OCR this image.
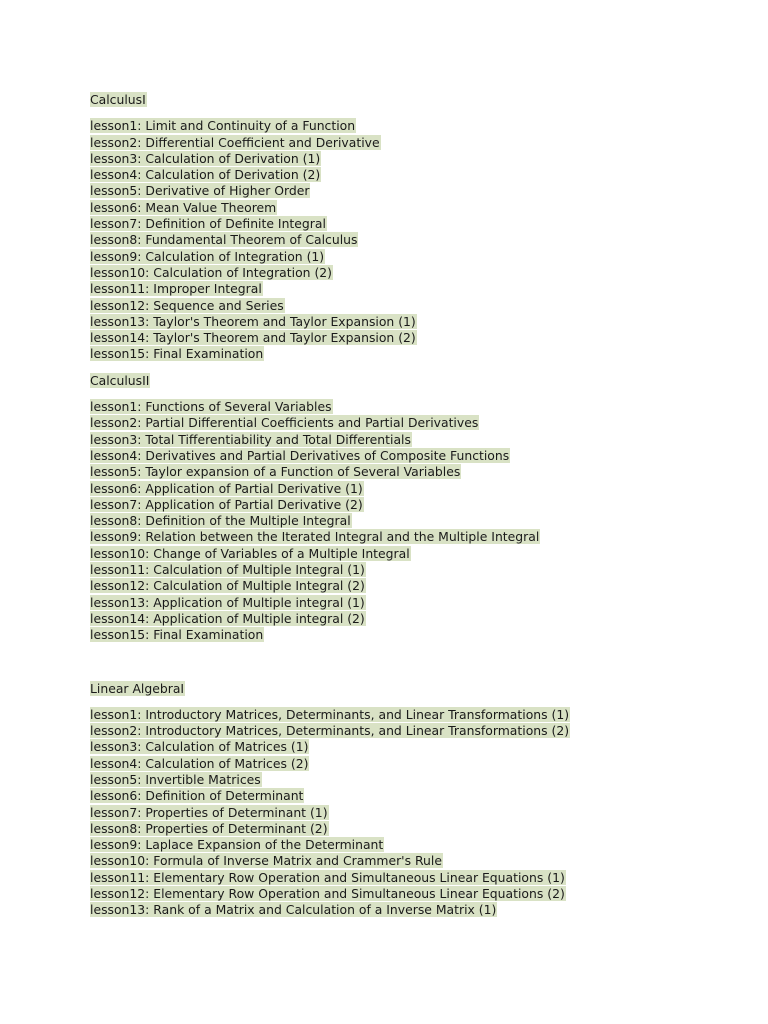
CalculusI
lesson1: Limit and Continuity of a Function
lesson2: Differential Coefficient and Derivative
lesson3: Calculation of Derivation (1)
lesson4: Calculation of Derivation (2)
lesson5: Derivative of Higher Order
lesson6: Mean Value Theorem
lesson7: Definition of Definite Integral
lesson8: Fundamental Theorem of Calculus
lesson9: Calculation of Integration (1)
lesson10: Calculation of Integration (2)
lesson11: Improper Integral
lesson12: Sequence and Series
lesson13: Taylor's Theorem and Taylor Expansion (1)
lesson14: Taylor's Theorem and Taylor Expansion (2)
lesson15: Final Examination
CalculusII
lesson1: Functions of Several Variables
lesson2: Partial Differential Coefficients and Partial Derivatives
lesson3: Total Tifferentiability and Total Differentials
lesson4: Derivatives and Partial Derivatives of Composite Functions
lesson5: Taylor expansion of a Function of Several Variables
lesson6: Application of Partial Derivative (1)
lesson7: Application of Partial Derivative (2)
lesson8: Definition of the Multiple Integral
lesson9: Relation between the Iterated Integral and the Multiple Integral
lesson10: Change of Variables of a Multiple Integral
lesson11: Calculation of Multiple Integral (1)
lesson12: Calculation of Multiple Integral (2)
lesson13: Application of Multiple integral (1)
lesson14: Application of Multiple integral (2)
lesson15: Final Examination
Linear AlgebraI
lesson1: Introductory Matrices, Determinants, and Linear Transformations (1)
lesson2: Introductory Matrices, Determinants, and Linear Transformations (2)
lesson3: Calculation of Matrices (1)
lesson4: Calculation of Matrices (2)
lesson5: Invertible Matrices
lesson6: Definition of Determinant
lesson7: Properties of Determinant (1)
lesson8: Properties of Determinant (2)
lesson9: Laplace Expansion of the Determinant
lesson10: Formula of Inverse Matrix and Crammer's Rule
lesson11: Elementary Row Operation and Simultaneous Linear Equations (1)
lesson12: Elementary Row Operation and Simultaneous Linear Equations (2)
lesson13: Rank of a Matrix and Calculation of a Inverse Matrix (1)
